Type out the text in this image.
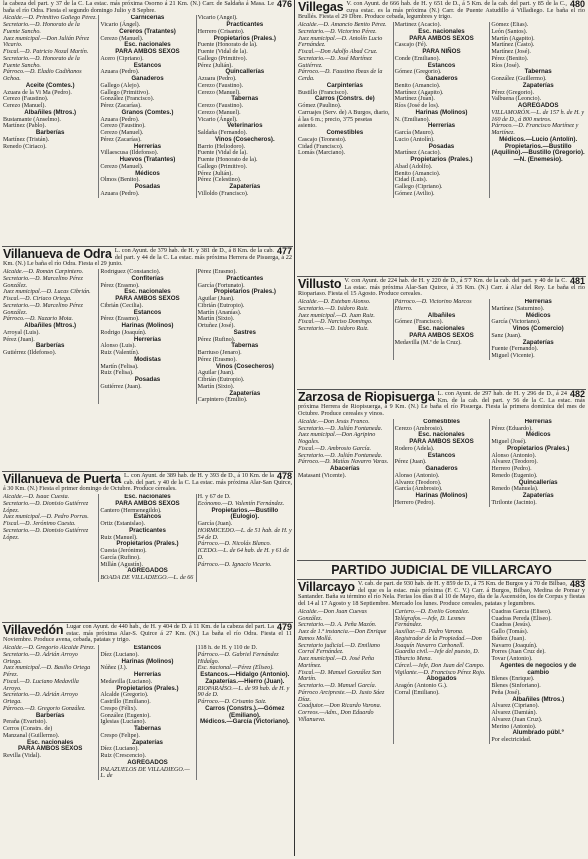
476
la cabeza del part. y 37 de la C. La estac. más próxima Osorno á 21 Km. (N.) Carr. de Saldaña á Masa. Le baña el río Odra. Fiesta el segundo domingo Julio y 8 Sepbre.
Alcalde.—D. Primitivo Gallego Pérez.
Secretario.—D. Honorato de la Fuente Sancho.
Juez municipal.—Don Julián Pérez Vicario.
Fiscal.—D. Patricio Nozal Martín.
Secretario.—D. Honorato de la Fuente Sancho.
Párroco.—D. Eladio Cadiñanos Ochoa.
Aceite (Comtes.)
Azuara de la Vi Ma (Pedro).
Cerezo (Faustino).
Cerezo (Manuel).
Albañiles (Mtros.)
Bustamante (Anselmo).
Martínez (Pablo).
Barberías
Martínez (Tristán).
Renedo (Ciriaco).
Carnicerías
Vicario (Ángel).
Cereros (Tratantes)
Cerezo (Manuel).
Esc. nacionales
PARA AMBOS SEXOS
Acero (Cipriano).
Estancos
Azuara (Pedro).
Ganaderos
Gallego (Alejo).
Gallego (Primitivo).
González (Francisco).
Pérez (Zacarías).
Granos (Comtes.)
Azuara (Pedro).
Cerezo (Faustino).
Cerezo (Manuel).
Pérez (Zacarías).
Herrerías
Villaescusa (Ildefonso).
Huevos (Tratantes)
Cerezo (Manuel).
Médicos
Olmos (Benito).
Posadas
Azuara (Pedro).
Vicario (Ángel).
Practicantes
Herrero (Crisanto).
Propietarios (Prales.)
Fuente (Honorato de la).
Fuente (Vidal de la).
Gallego (Primitivo).
Pérez (Julián).
Quincallerías
Azuara (Pedro).
Cerezo (Faustino).
Cerezo (Manuel).
Tabernas
Cerezo (Faustino).
Cerezo (Manuel).
Vicario (Ángel).
Veterinarios
Saldaña (Fernando).
Vinos (Cosecheros).
Barrio (Heliodoro).
Fuente (Vidal de la).
Fuente (Honorato de la).
Gallego (Primitivo).
Pérez (Julián).
Pérez (Celestino).
Zapaterías
Villoldo (Francisco).
Villanueva de Odra	477
L. con Ayunt. de 379 hab. de H. y 381 de D., á 8 Km. de la cab. del part. y 44 de la C. La estac. más próxima Herrera de Pisuerga, á 22 Km. (N.) Le baña el río Odra. Fiesta el 29 junio.
Alcalde.—D. Román Carpintero.
Secretario.—D. Marcelino Pérez González.
Juez municipal.—D. Lucas Cibrián.
Fiscal.—D. Ciriaco Ortega.
Secretario.—D. Marcelino Pérez González.
Párroco.—D. Nazario Mota.
Albañiles (Mtros.)
Arroyal (Luis).
Pérez (Juan).
Barberías
Gutiérrez (Ildefonso).
Rodríguez (Constancio).
Confiterías
Pérez (Erasmo).
Esc. nacionales
PARA AMBOS SEXOS
Cibrián (Cecilia).
Estancos
Pérez (Erasmo).
Harinas (Molinos)
Rodrigo (Joaquín).
Herrerías
Alonso (Luis).
Ruiz (Valentín).
Modistas
Martín (Felisa).
Ruiz (Felisa).
Posadas
Gutiérrez (Juan).
Pérez (Erasmo).
Practicantes
García (Fortunato).
Propietarios (Prales.)
Aguilar (Juan).
Cibrián (Eutropio).
Martín (Ananías).
Martín (Sixto).
Ortuñez (José).
Sastres
Pérez (Rufino).
Tabernas
Barriuso (Jenaro).
Pérez (Erasmo).
Vinos (Cosecheros)
Aguilar (Juan).
Cibrián (Eutropio).
Martín (Sixto).
Zapaterías
Carpintero (Emilio).
Villanueva de Puerta	478
L. con Ayunt. de 389 hab. de H. y 393 de D., á 10 Km. de la cab. del part. y 40 de la C. La estac. más próxima Alar-San Quirce, á 30 Km. (N.) Fiesta el primer domingo de Octubre. Produce cereales.
Alcalde.—D. Isaac Cuesta.
Secretario.—D. Dionisio Gutiérrez López.
Juez municipal.—D. Pedro Porras.
Fiscal.—D. Jerónimo Cuesta.
Secretario.—D. Dionisio Gutiérrez López.
Esc. nacionales
PARA AMBOS SEXOS
Cantero (Hermenegildo).
Estancos
Ortiz (Estanislao).
Practicantes
Ruiz (Manuel).
Propietarios (Prales.)
Cuesta (Jerónimo).
García (Rufino).
Millán (Agustín).
AGREGADOS
BOADA DE VILLADIEGO.—L. de 66
H. y 67 de D.
Ecónomo.—D. Valentín Fernández.
Propietarios.—Bustillo (Eulogio).
García (Juan).
HORMICEDO.—L. de 51 hab. de H. y 54 de D.
Párroco.—D. Nicolás Blanco.
ICEDO.—L. de 64 hab. de H. y 61 de D.
Párroco.—D. Ignacio Vicario.
Villavedón	479
Lugar con Ayunt. de 440 hab., de H. y 404 de D. á 11 Km. de la cabeza del part. La estac. más próxima Alar-S. Quirce á 27 Km. (N.) La baña el río Odra. Fiesta el 11 Noviembre. Produce avena, cebada, patatas y trigo.
Alcalde.—D. Gregorio Alcalde Pérez.
Secretario.—D. Adrián Arroyo Ortega.
Juez municipal.—D. Basilio Ortega Pérez.
Fiscal.—D. Luciano Medavilla Arroyo.
Secretario.—D. Adrián Arroyo Ortega.
Párroco.—D. Gregorio González.
Barberías
Peraña (Evaristo).
Cerros (Constrs. de)
Manzanal (Guillermo).
Esc. nacionales
PARA AMBOS SEXOS
Revilla (Vidal).
Estancos
Díez (Luciano).
Harinas (Molinos)
Núñez (J.).
Herrerías
Medavilla (Luciano).
Propietarios (Prales.)
Alcalde (Gregorio).
Castrillo (Emiliano).
Crespo (Félix).
González (Eugenio).
Iglesias (Luciano).
Tabernas
Crespo (Felipe).
Zapaterías
Díez (Luciano).
Ruiz (Crescencio).
AGREGADOS
PALAZUELOS DE VILLADIEGO.—L. de
118 h. de H. y 110 de D.
Párroco.—D. Gabriel Fernández Hidalgo.
Esc. nacional.—Pérez (Eliseo).
Estancos.—Hidalgo (Antonio).
Zapaterías.—Hierro (Juan).
RIOPARAÍSO.—L. de 99 hab. de H. y 90 de D.
Párroco.—D. Crisanto Saiz.
Carros (Constrs.).—Gómez (Emiliano).
Médicos.—García (Victoriano).
Villegas	480
V. con Ayunt. de 666 hab. de H. y 651 de D., á 5 Km. de la cab. del part. y 85 de la C., cuya estac. es la más próxima (N.) Carr. de Puente Astudillo á Villadiego. Le baña el río Brullés. Fiesta el 29 Dbre. Produce cebada, legumbres y trigo.
Alcalde.—D. Amancio Benito Pérez.
Secretario.—D. Victorino Pérez.
Juez municipal.—D. Antolín Lucio Fernández.
Fiscal.—Don Adolfo Abad Cruz.
Secretario.—D. José Martínez Gutiérrez.
Párroco.—D. Faustino Ibeas de la Cerda.
Carpinterías
Bustillo (Francisco).
Carros (Constrs. de)
Gómez (Paulino).
Carruajes (Serv. de) A Burgos, diario, á las 6 m.; precio, 3'75 pesetas asiento.
Comestibles
Cascajo (Teonesto).
Cidad (Francisco).
Lomás (Marciano).
Martínez (Acacio).
Esc. nacionales
PARA AMBOS SEXOS
Cascajo (Fé).
PARA NIÑOS
Conde (Emiliano).
Estancos
Gómez (Gregorio).
Ganaderos
Benito (Amancio).
Martínez (Agapito).
Martínez (Juan).
Ríos (José de los).
Harinas (Molinos)
N. (Emiliano).
Herrerías
García (Mauro).
Lucio (Antolín).
Posadas
Martínez (Acacio).
Propietarios (Prales.)
Abad (Adolfo).
Benito (Amancio).
Cidad (Luis).
Gallego (Cipriano).
Gómez (Avilio).
Gómez (Elías).
León (Santos).
Martín (Agapito).
Martínez (Casto).
Martínez (José).
Pérez (Benito).
Ríos (José).
Tabernas
González (Guillermo).
Zapaterías
Pérez (Gregorio).
Valbuena (Leoncio).
AGREGADOS
VILLAMORÓN.—L. de 157 h. de H. y 160 de D., á 800 metros.
Párroco.—D. Francisco Martínez y Martínez.
Médicos.—Lucio (Antolín).
Propietarios.—Bustillo (Aquilino).—Bustillo (Gregorio).—N. (Enemesio).
Villusto	481
V. con Ayunt. de 224 hab. de H. y 220 de D., á 5'7 Km. de la cab. del part. y 40 de la C. La estac. más próxima Alar-San Quirce, á 35 Km. (N.) Carr. á Alar del Rey. Le baña el río Riopariaso. Fiesta el 15 Agosto. Produce cereales.
Alcalde.—D. Esteban Alonso.
Secretario.—D. Isidoro Ruiz.
Juez municipal.—D. Juan Ruiz.
Fiscal.—D. Narciso Domingo.
Secretario.—D. Isidoro Ruiz.
Párroco.—D. Victorino Marcos Hierro.
Albañiles
Gómez (Francisco).
Esc. nacionales
PARA AMBOS SEXOS
Medavilla (M.ª de la Cruz).
Herrerías
Martínez (Saturnino).
Médicos
García (Victoriano).
Vinos (Comercio)
Sanz (Juan).
Zapaterías
Fuente (Fernando).
Miguel (Vicente).
Zarzosa de Riopisuerga	482
L. con Ayunt. de 297 hab. de H. y 296 de D., á 24 Km. de la cab. del part. y 56 de la C. La estac. más próxima Herrera de Riopisuerga, á 9 Km. (N.) Le baña el río Pisuerga. Fiesta la primera dominica del mes de Octubre. Produce cereales y vinos.
Alcalde.—Don Jesús Franco.
Secretario.—D. Julián Fontaneda.
Juez municipal.—Don Agripino Nogales.
Fiscal.—D. Ambrosio García.
Secretario.—D. Julián Fontaneda.
Párroco.—D. Matías Navarro Varas.
Abacerías
Matasant (Vicente).
Comestibles
Cerezo (Ambrosio).
Esc. nacionales
PARA AMBOS SEXOS
Rodero (Adela).
Estancos
Pérez (Juan).
Ganaderos
Alonso (Antonio).
Alvarez (Teodoro).
García (Ambrosio).
Harinas (Molinos)
Herrero (Pedro).
Herrerías
Pérez (Eduardo).
Médicos
Miguel (José).
Propietarios (Prales.)
Alonso (Antonio).
Alvarez (Teodoro).
Herrero (Pedro).
Renedo (Eugenio).
Quincallerías
Renedo (Manuela).
Zapaterías
Tirilonte (Jacinto).
PARTIDO JUDICIAL DE VILLARCAYO
Villarcayo	483
V. cab. de part. de 930 hab. de H. y 859 de D., á 75 Km. de Burgos y á 70 de Bilbao, del que es la estac. más próxima (F. C. V.) Carr. á Burgos, Bilbao, Medina de Pomar y Santander. Baña su término el río Nela. Ferias los días 8 al 10 de Mayo, día de la Ascensión, los de Corpus y fiestas del 14 al 17 Agosto y 18 Septiembre. Mercado los lunes. Produce cereales, patatas y legumbres.
Alcalde.—Don Juan Cuevas González.
Secretario.—D. A. Peña Mazón.
Juez de 1.ª instancia.—Don Enrique Ramos Mollá.
Secretario judicial.—D. Emiliano Corral Fernández.
Juez municipal.—D. José Peña Martínez.
Fiscal.—D. Manuel González San Martín.
Secretario.—D. Manuel García.
Párroco Arcipreste.—D. Justo Sáez Díaz.
Coadjutor.—Don Ricardo Varona.
Correos.—Adm., Don Eduardo Villanueva.
Cartero.—D. Evelio González.
Telégrafos.—Jefe, D. Lesmes Fernández.
Auxiliar.—D. Pedro Varona.
Registrador de la Propiedad.—Don Joaquín Navarro Carbonell.
Guardia civil.—Jefe del puesto, D. Tiburcio Mena.
Cárcel.—Jefe, Don Juan del Campo.
Vigilante.—D. Francisco Pérez Rojo.
Abogados
Aragón (Antonio G.).
Corral (Emiliano).
Cuadras García (Eliseo).
Cuadras Pereda (Eliseo).
Cuadras (Jesús).
Gallo (Tomás).
Ibáñez (Juan).
Navarro (Joaquín).
Porres (Juan Cruz de).
Tovar (Antonio).
Agentes de negocios y de cambio
Blenes (Enrique).
Blenes (Sinforiano).
Peña (José).
Albañiles (Mtros.)
Alvarez (Cipriano).
Alvarez (Damián).
Alvarez (Juan Cruz).
Merino (Antonio).
Alumbrado públ.º
Por electricidad.
